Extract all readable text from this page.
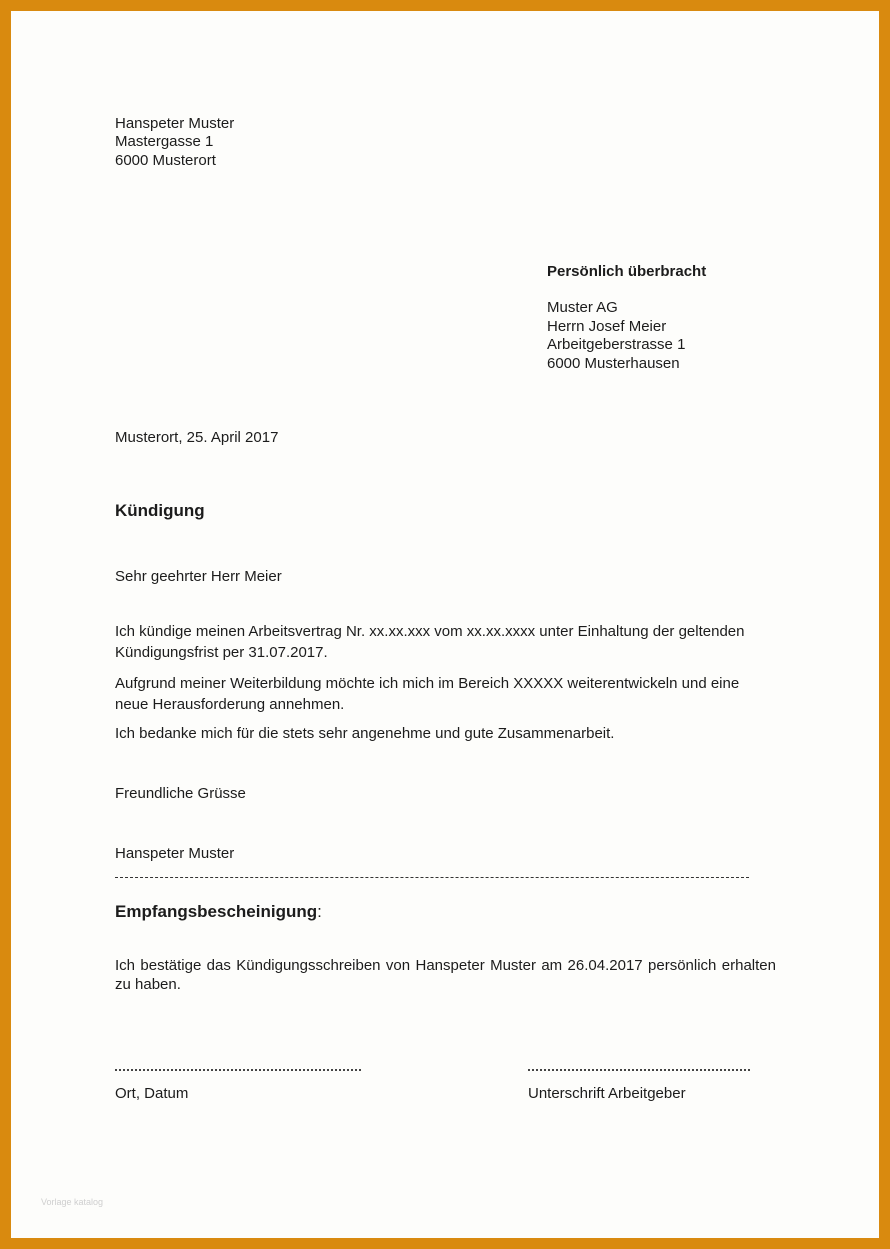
Hanspeter Muster
Mastergasse 1
6000 Musterort
Persönlich überbracht
Muster AG
Herrn Josef Meier
Arbeitgeberstrasse 1
6000 Musterhausen
Musterort, 25. April 2017
Kündigung
Sehr geehrter Herr Meier
Ich kündige meinen Arbeitsvertrag Nr. xx.xx.xxx vom xx.xx.xxxx unter Einhaltung der geltenden Kündigungsfrist per 31.07.2017.
Aufgrund meiner Weiterbildung möchte ich mich im Bereich XXXXX weiterentwickeln und eine neue Herausforderung annehmen.
Ich bedanke mich für die stets sehr angenehme und gute Zusammenarbeit.
Freundliche Grüsse
Hanspeter Muster
Empfangsbescheinigung:
Ich bestätige das Kündigungsschreiben von Hanspeter Muster am 26.04.2017 persönlich erhalten zu haben.
Ort, Datum	Unterschrift Arbeitgeber
Vorlage katalog
